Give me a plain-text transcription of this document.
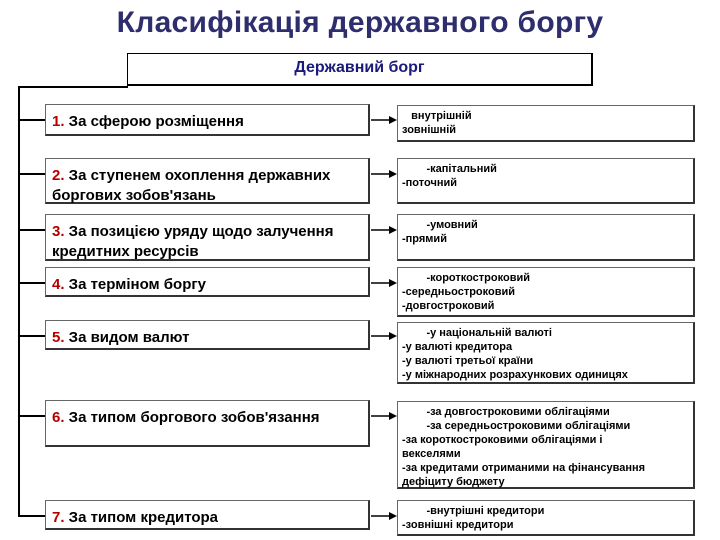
Класифікація державного боргу
Державний борг
1. За сферою розміщення	внутрішній
зовнішній
2. За ступенем охоплення державних боргових зобов'язань
-капітальний
-поточний
3. За позицією уряду щодо залучення кредитних ресурсів
-умовний
-прямий
4. За терміном боргу	-короткостроковий
-середньостроковий
-довгостроковий
5. За видом валют	-у національній валюті
-у валюті кредитора
-у валюті третьої країни
-у міжнародних розрахункових одиницях
6. За типом боргового зобов'язання	-за довгостроковими облігаціями
-за середньостроковими облігаціями
-за короткостроковими облігаціями і
векселями
-за кредитами отриманими на фінансування
дефіциту бюджету
7. За типом кредитора	-внутрішні кредитори
-зовнішні кредитори
